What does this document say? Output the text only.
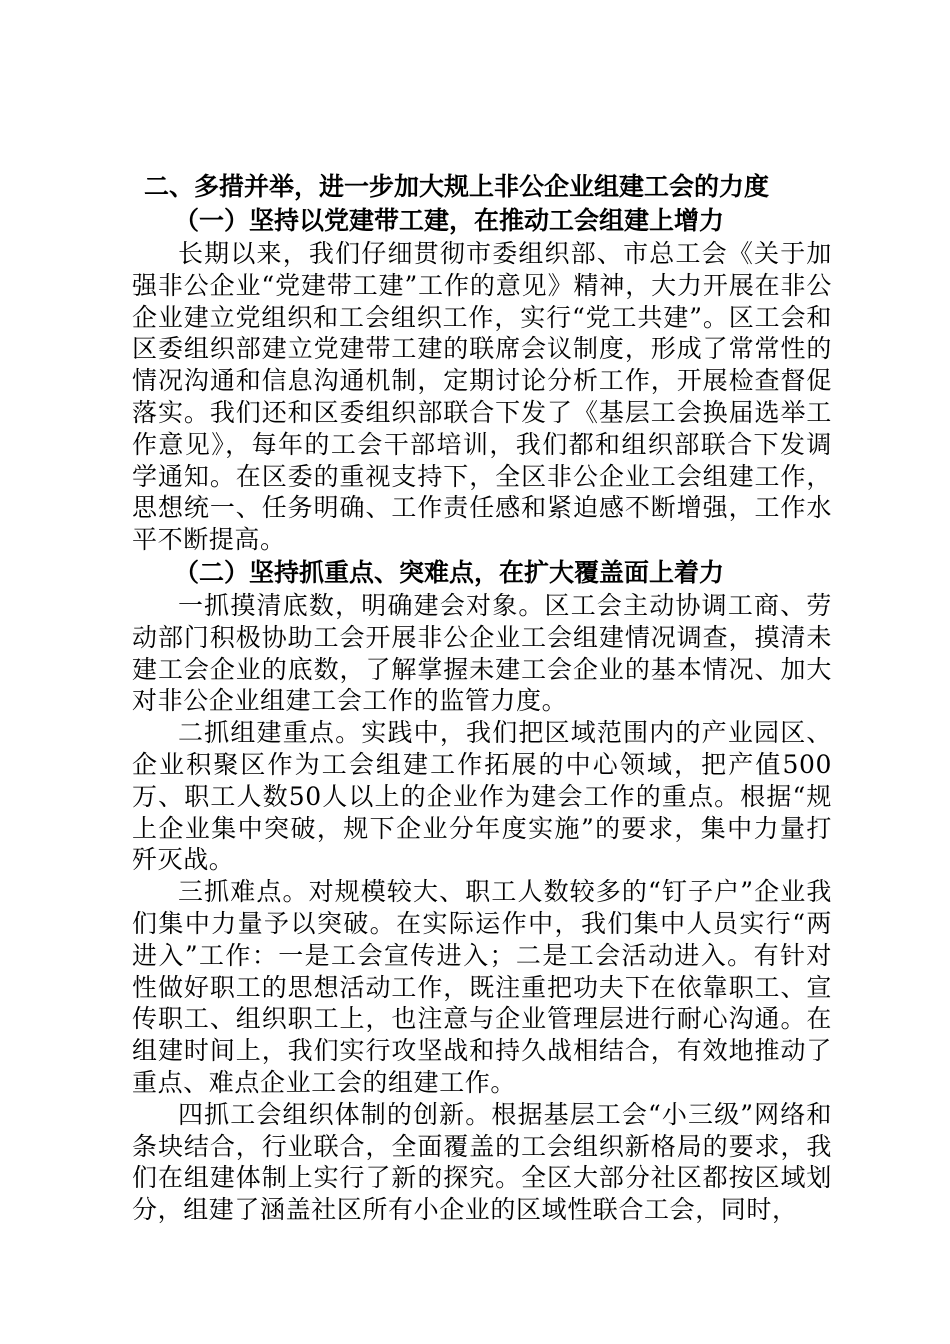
二、多措并举，进一步加大规上非公企业组建工会的力度
（一）坚持以党建带工建，在推动工会组建上增力

长期以来，我们仔细贯彻市委组织部、市总工会《关于加强非公企业“党建带工建”工作的意见》精神，大力开展在非公企业建立党组织和工会组织工作，实行“党工共建”。区工会和区委组织部建立党建带工建的联席会议制度，形成了常常性的情况沟通和信息沟通机制，定期讨论分析工作，开展检查督促落实。我们还和区委组织部联合下发了《基层工会换届选举工作意见》，每年的工会干部培训，我们都和组织部联合下发调学通知。在区委的重视支持下，全区非公企业工会组建工作，思想统一、任务明确、工作责任感和紧迫感不断增强，工作水平不断提高。

（二）坚持抓重点、突难点，在扩大覆盖面上着力

一抓摸清底数，明确建会对象。区工会主动协调工商、劳动部门积极协助工会开展非公企业工会组建情况调查，摸清未建工会企业的底数，了解掌握未建工会企业的基本情况、加大对非公企业组建工会工作的监管力度。

二抓组建重点。实践中，我们把区域范围内的产业园区、企业积聚区作为工会组建工作拓展的中心领域，把产值500万、职工人数50人以上的企业作为建会工作的重点。根据“规上企业集中突破，规下企业分年度实施”的要求，集中力量打歼灭战。

三抓难点。对规模较大、职工人数较多的“钉子户”企业我们集中力量予以突破。在实际运作中，我们集中人员实行“两进入”工作：一是工会宣传进入；二是工会活动进入。有针对性做好职工的思想活动工作，既注重把功夫下在依靠职工、宣传职工、组织职工上，也注意与企业管理层进行耐心沟通。在组建时间上，我们实行攻坚战和持久战相结合，有效地推动了重点、难点企业工会的组建工作。

四抓工会组织体制的创新。根据基层工会“小三级”网络和条块结合，行业联合，全面覆盖的工会组织新格局的要求，我们在组建体制上实行了新的探究。全区大部分社区都按区域划分，组建了涵盖社区所有小企业的区域性联合工会，同时，
